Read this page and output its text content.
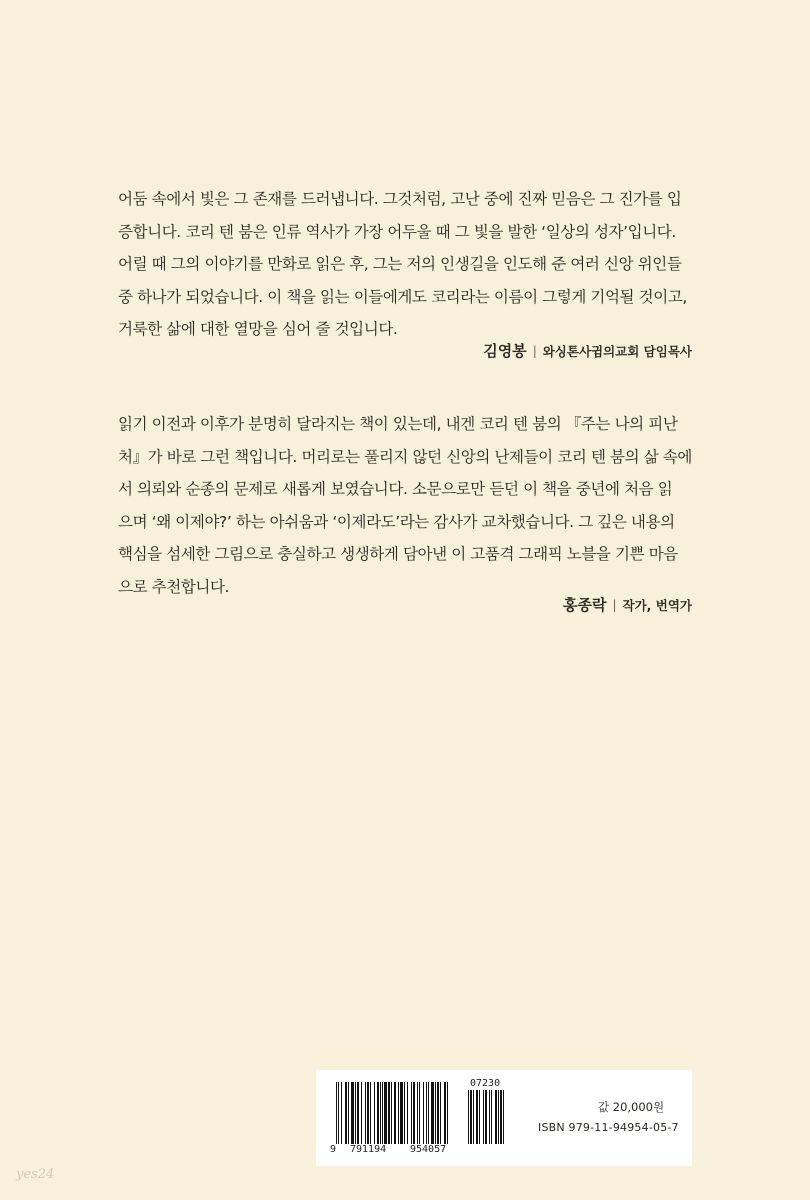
어둠 속에서 빛은 그 존재를 드러냅니다. 그것처럼, 고난 중에 진짜 믿음은 그 진가를 입

증합니다. 코리 텐 붐은 인류 역사가 가장 어두울 때 그 빛을 발한 ‘일상의 성자’입니다.

어릴 때 그의 이야기를 만화로 읽은 후, 그는 저의 인생길을 인도해 준 여러 신앙 위인들

중 하나가 되었습니다. 이 책을 읽는 이들에게도 코리라는 이름이 그렇게 기억될 것이고,

거룩한 삶에 대한 열망을 심어 줄 것입니다.

김영봉 | 와싱톤사귐의교회 담임목사

읽기 이전과 이후가 분명히 달라지는 책이 있는데, 내겐 코리 텐 붐의 『주는 나의 피난

처』가 바로 그런 책입니다. 머리로는 풀리지 않던 신앙의 난제들이 코리 텐 붐의 삶 속에

서 의뢰와 순종의 문제로 새롭게 보였습니다. 소문으로만 듣던 이 책을 중년에 처음 읽

으며 ‘왜 이제야?’ 하는 아쉬움과 ‘이제라도’라는 감사가 교차했습니다. 그 깊은 내용의

핵심을 섬세한 그림으로 충실하고 생생하게 담아낸 이 고품격 그래픽 노블을 기쁜 마음

으로 추천합니다.

홍종락 | 작가, 번역가
9 791194 954057
07230
값 20,000원
ISBN 979-11-94954-05-7
yes24
